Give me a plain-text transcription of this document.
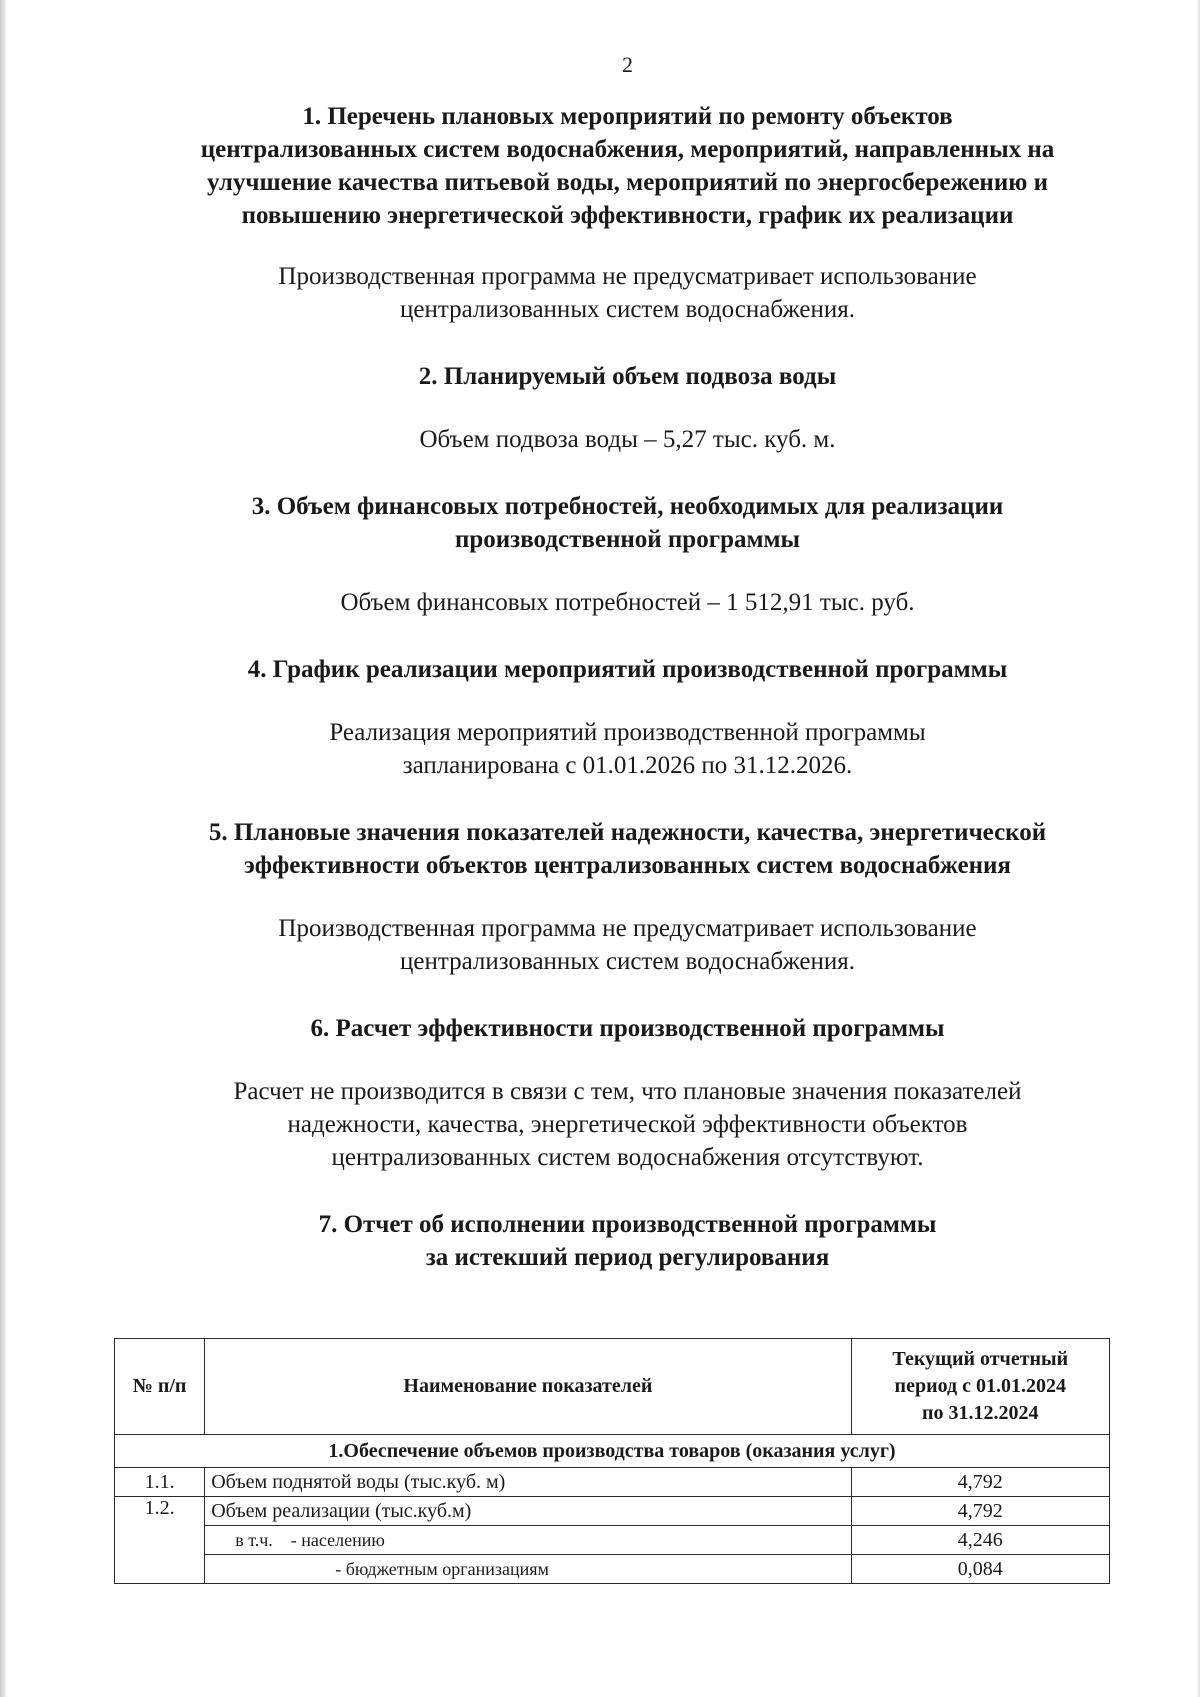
2

1. Перечень плановых мероприятий по ремонту объектов

централизованных систем водоснабжения, мероприятий, направленных на

улучшение качества питьевой воды, мероприятий по энергосбережению и

повышению энергетической эффективности, график их реализации

Производственная программа не предусматривает использование

централизованных систем водоснабжения.

2. Планируемый объем подвоза воды

Объем подвоза воды – 5,27 тыс. куб. м.

3. Объем финансовых потребностей, необходимых для реализации

производственной программы

Объем финансовых потребностей – 1 512,91 тыс. руб.

4. График реализации мероприятий производственной программы

Реализация мероприятий производственной программы

запланирована с 01.01.2026 по 31.12.2026.

5. Плановые значения показателей надежности, качества, энергетической

эффективности объектов централизованных систем водоснабжения

Производственная программа не предусматривает использование

централизованных систем водоснабжения.

6. Расчет эффективности производственной программы

Расчет не производится в связи с тем, что плановые значения показателей

надежности, качества, энергетической эффективности объектов

централизованных систем водоснабжения отсутствуют.

7. Отчет об исполнении производственной программы

за истекший период регулирования

№ п/п	Наименование показателей	Текущий отчетный
период с 01.01.2024
по 31.12.2024

1.Обеспечение объемов производства товаров (оказания услуг)		
1.1.	Объем поднятой воды (тыс.куб. м)	4,792
1.2.	Объем реализации (тыс.куб.м)	4,792
	в т.ч.    - населению	4,246
	- бюджетным организациям	0,084
